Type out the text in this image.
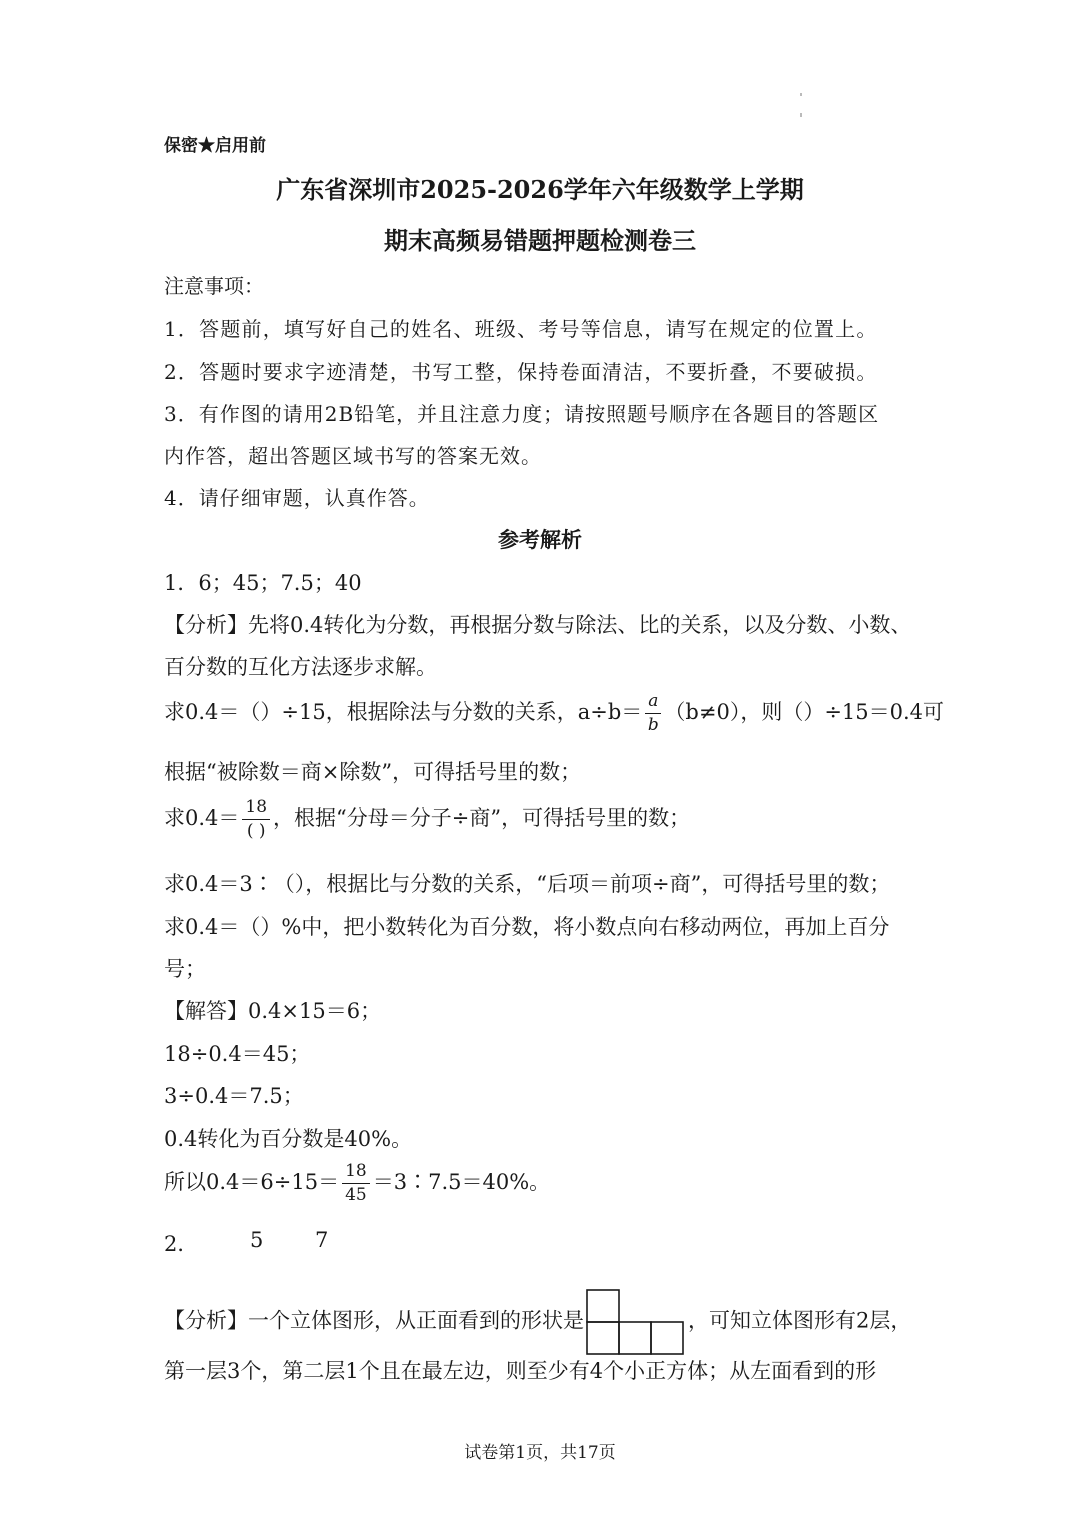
保密★启用前
广东省深圳市2025-2026学年六年级数学上学期
期末高频易错题押题检测卷三
注意事项：
1．答题前，填写好自己的姓名、班级、考号等信息，请写在规定的位置上。
2．答题时要求字迹清楚，书写工整，保持卷面清洁，不要折叠，不要破损。
3．有作图的请用2B铅笔，并且注意力度；请按照题号顺序在各题目的答题区
内作答，超出答题区域书写的答案无效。
4．请仔细审题，认真作答。
参考解析
1．6；45；7.5；40
【分析】先将0.4转化为分数，再根据分数与除法、比的关系，以及分数、小数、
百分数的互化方法逐步求解。
求0.4＝（）÷15，根据除法与分数的关系，$a\div b= \frac{a}{b} (b\ne 0)$，则（）÷15＝0.4可
根据“被除数＝商×除数”，可得括号里的数；
求$0.4= \frac{18}{( )}$ ，根据“分母＝分子÷商”，可得括号里的数；
求0.4＝3∶（），根据比与分数的关系，“后项＝前项÷商”，可得括号里的数；
求0.4＝（）%中，把小数转化为百分数，将小数点向右移动两位，再加上百分
号；
【解答】0.4×15＝6；
18÷0.4＝45；
3÷0.4＝7.5；
0.4转化为百分数是40%。
所以$0.4=6\div 15= \frac{18}{45}$ ＝3∶7.5＝40%。
2． 5 7
【分析】一个立体图形，从正面看到的形状是	，可知立体图形有2层，
第一层3个，第二层1个且在最左边，则至少有4个小正方体；从左面看到的形
试卷第1页，共17页
